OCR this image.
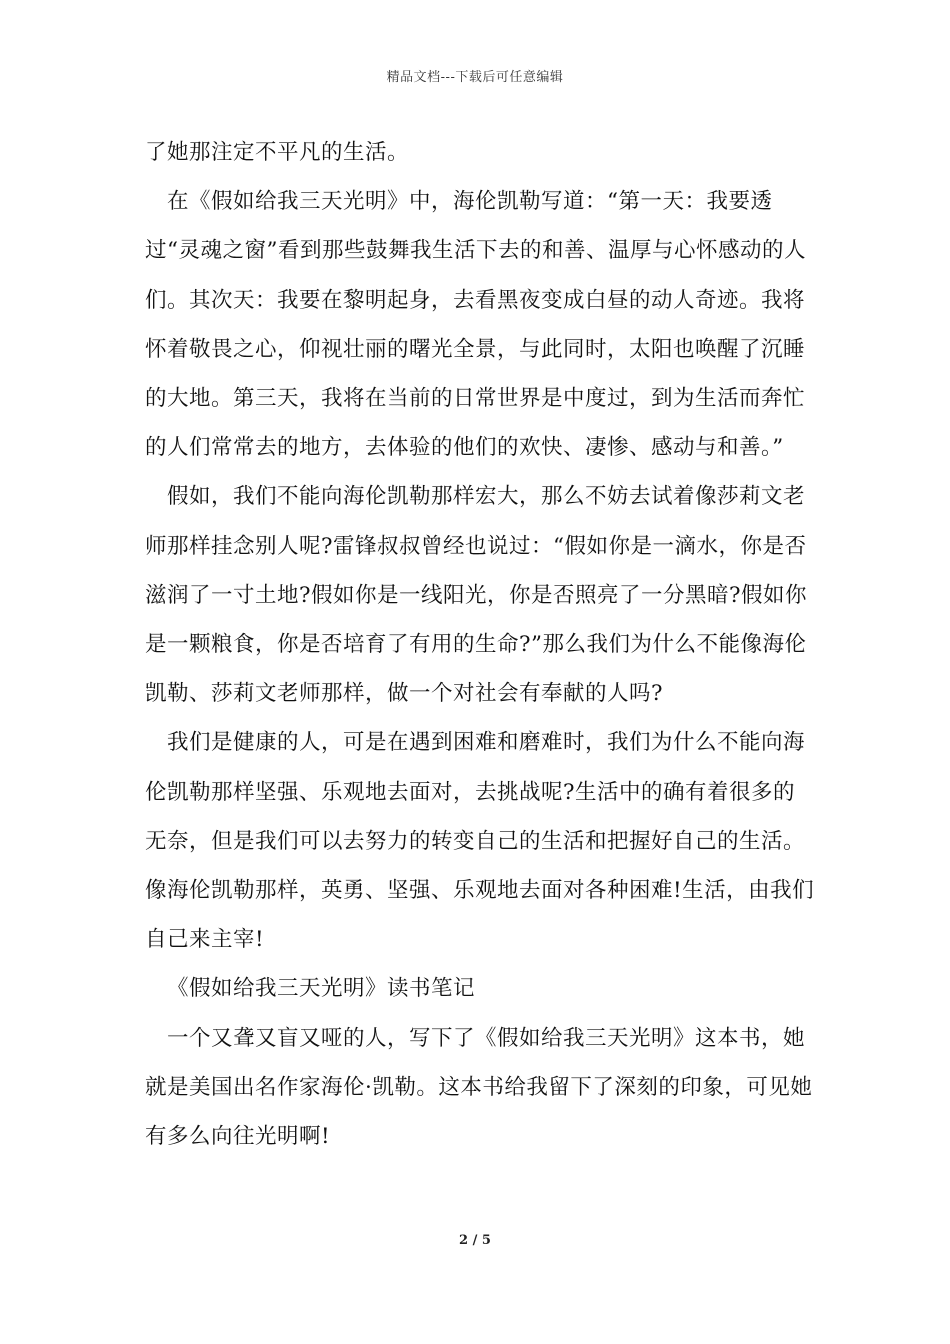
精品文档---下载后可任意编辑

了她那注定不平凡的生活。

在《假如给我三天光明》中，海伦凯勒写道：“第一天：我要透过“灵魂之窗”看到那些鼓舞我生活下去的和善、温厚与心怀感动的人们。其次天：我要在黎明起身，去看黑夜变成白昼的动人奇迹。我将怀着敬畏之心，仰视壮丽的曙光全景，与此同时，太阳也唤醒了沉睡的大地。第三天，我将在当前的日常世界是中度过，到为生活而奔忙的人们常常去的地方，去体验的他们的欢快、凄惨、感动与和善。”

假如，我们不能向海伦凯勒那样宏大，那么不妨去试着像莎莉文老师那样挂念别人呢?雷锋叔叔曾经也说过：“假如你是一滴水，你是否滋润了一寸土地?假如你是一线阳光，你是否照亮了一分黑暗?假如你是一颗粮食，你是否培育了有用的生命?”那么我们为什么不能像海伦凯勒、莎莉文老师那样，做一个对社会有奉献的人吗?

我们是健康的人，可是在遇到困难和磨难时，我们为什么不能向海伦凯勒那样坚强、乐观地去面对，去挑战呢?生活中的确有着很多的无奈，但是我们可以去努力的转变自己的生活和把握好自己的生活。像海伦凯勒那样，英勇、坚强、乐观地去面对各种困难!生活，由我们自己来主宰!

《假如给我三天光明》读书笔记

一个又聋又盲又哑的人，写下了《假如给我三天光明》这本书，她就是美国出名作家海伦·凯勒。这本书给我留下了深刻的印象，可见她有多么向往光明啊!

2 / 5
